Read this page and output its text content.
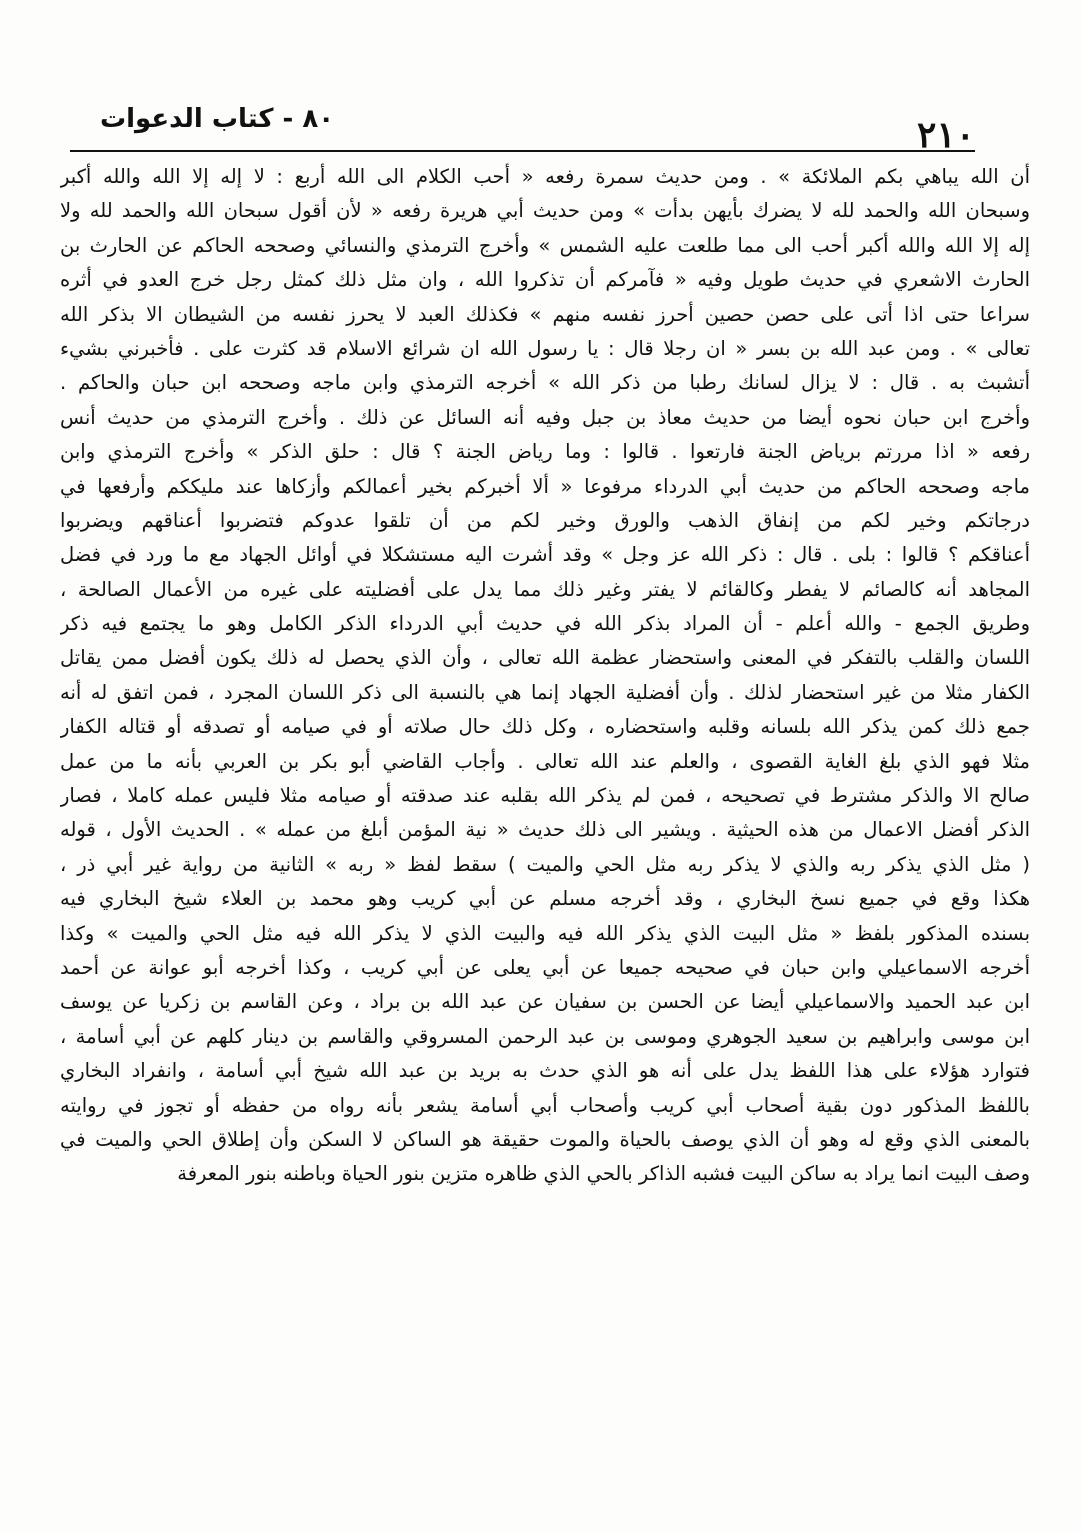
٢١٠
٨٠ - كتاب الدعوات
أن الله يباهي بكم الملائكة » . ومن حديث سمرة رفعه « أحب الكلام الى الله أربع : لا إله إلا الله والله أكبر
وسبحان الله والحمد لله لا يضرك بأيهن بدأت » ومن حديث أبي هريرة رفعه « لأن أقول سبحان الله والحمد لله ولا
إله إلا الله والله أكبر أحب الى مما طلعت عليه الشمس » وأخرج الترمذي والنسائي وصححه الحاكم عن الحارث بن
الحارث الاشعري في حديث طويل وفيه « فآمركم أن تذكروا الله ، وان مثل ذلك كمثل رجل خرج العدو في أثره
سراعا حتى اذا أتى على حصن حصين أحرز نفسه منهم » فكذلك العبد لا يحرز نفسه من الشيطان الا بذكر الله
تعالى » . ومن عبد الله بن بسر « ان رجلا قال : يا رسول الله ان شرائع الاسلام قد كثرت على . فأخبرني بشيء
أتشبث به . قال : لا يزال لسانك رطبا من ذكر الله » أخرجه الترمذي وابن ماجه وصححه ابن حبان والحاكم .
وأخرج ابن حبان نحوه أيضا من حديث معاذ بن جبل وفيه أنه السائل عن ذلك . وأخرج الترمذي من حديث أنس
رفعه « اذا مررتم برياض الجنة فارتعوا . قالوا : وما رياض الجنة ؟ قال : حلق الذكر » وأخرج الترمذي وابن
ماجه وصححه الحاكم من حديث أبي الدرداء مرفوعا « ألا أخبركم بخير أعمالكم وأزكاها عند مليككم وأرفعها في
درجاتكم وخير لكم من إنفاق الذهب والورق وخير لكم من أن تلقوا عدوكم فتضربوا أعناقهم ويضربوا
أعناقكم ؟ قالوا : بلى . قال : ذكر الله عز وجل » وقد أشرت اليه مستشكلا في أوائل الجهاد مع ما ورد في فضل
المجاهد أنه كالصائم لا يفطر وكالقائم لا يفتر وغير ذلك مما يدل على أفضليته على غيره من الأعمال الصالحة ،
وطريق الجمع - والله أعلم - أن المراد بذكر الله في حديث أبي الدرداء الذكر الكامل وهو ما يجتمع فيه ذكر
اللسان والقلب بالتفكر في المعنى واستحضار عظمة الله تعالى ، وأن الذي يحصل له ذلك يكون أفضل ممن يقاتل
الكفار مثلا من غير استحضار لذلك . وأن أفضلية الجهاد إنما هي بالنسبة الى ذكر اللسان المجرد ، فمن اتفق له أنه
جمع ذلك كمن يذكر الله بلسانه وقلبه واستحضاره ، وكل ذلك حال صلاته أو في صيامه أو تصدقه أو قتاله الكفار
مثلا فهو الذي بلغ الغاية القصوى ، والعلم عند الله تعالى . وأجاب القاضي أبو بكر بن العربي بأنه ما من عمل
صالح الا والذكر مشترط في تصحيحه ، فمن لم يذكر الله بقلبه عند صدقته أو صيامه مثلا فليس عمله كاملا ، فصار
الذكر أفضل الاعمال من هذه الحيثية . ويشير الى ذلك حديث « نية المؤمن أبلغ من عمله » . الحديث الأول ، قوله
( مثل الذي يذكر ربه والذي لا يذكر ربه مثل الحي والميت ) سقط لفظ « ربه » الثانية من رواية غير أبي ذر ،
هكذا وقع في جميع نسخ البخاري ، وقد أخرجه مسلم عن أبي كريب وهو محمد بن العلاء شيخ البخاري فيه
بسنده المذكور بلفظ « مثل البيت الذي يذكر الله فيه والبيت الذي لا يذكر الله فيه مثل الحي والميت » وكذا
أخرجه الاسماعيلي وابن حبان في صحيحه جميعا عن أبي يعلى عن أبي كريب ، وكذا أخرجه أبو عوانة عن أحمد
ابن عبد الحميد والاسماعيلي أيضا عن الحسن بن سفيان عن عبد الله بن براد ، وعن القاسم بن زكريا عن يوسف
ابن موسى وابراهيم بن سعيد الجوهري وموسى بن عبد الرحمن المسروقي والقاسم بن دينار كلهم عن أبي أسامة ،
فتوارد هؤلاء على هذا اللفظ يدل على أنه هو الذي حدث به بريد بن عبد الله شيخ أبي أسامة ، وانفراد البخاري
باللفظ المذكور دون بقية أصحاب أبي كريب وأصحاب أبي أسامة يشعر بأنه رواه من حفظه أو تجوز في روايته
بالمعنى الذي وقع له وهو أن الذي يوصف بالحياة والموت حقيقة هو الساكن لا السكن وأن إطلاق الحي والميت في
وصف البيت انما يراد به ساكن البيت فشبه الذاكر بالحي الذي ظاهره متزين بنور الحياة وباطنه بنور المعرفة
